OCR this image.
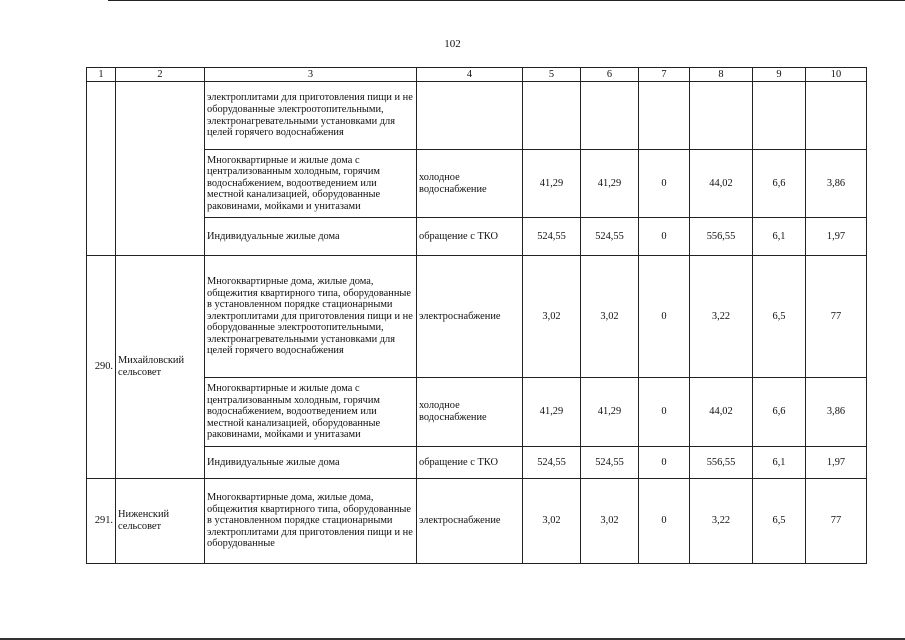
102
1	2	3	4	5	6	7	8	9	10
		электроплитами для приготовления пищи и не оборудованные электроотопительными, электронагревательными установками для целей горячего водоснабжения							
		Многоквартирные и жилые дома с централизованным холодным, горячим водоснабжением, водоотведением или местной канализацией, оборудованные раковинами, мойками и унитазами	холодное водоснабжение	41,29	41,29	0	44,02	6,6	3,86
		Индивидуальные жилые дома	обращение с ТКО	524,55	524,55	0	556,55	6,1	1,97
290.	Михайловский сельсовет	Многоквартирные дома, жилые дома, общежития квартирного типа, оборудованные в установленном порядке стационарными электроплитами для приготовления пищи и не оборудованные электроотопительными, электронагревательными установками для целей горячего водоснабжения	электроснабжение	3,02	3,02	0	3,22	6,5	77
		Многоквартирные и жилые дома с централизованным холодным, горячим водоснабжением, водоотведением или местной канализацией, оборудованные раковинами, мойками и унитазами	холодное водоснабжение	41,29	41,29	0	44,02	6,6	3,86
		Индивидуальные жилые дома	обращение с ТКО	524,55	524,55	0	556,55	6,1	1,97
291.	Ниженский сельсовет	Многоквартирные дома, жилые дома, общежития квартирного типа, оборудованные в установленном порядке стационарными электроплитами для приготовления пищи и не оборудованные	электроснабжение	3,02	3,02	0	3,22	6,5	77
